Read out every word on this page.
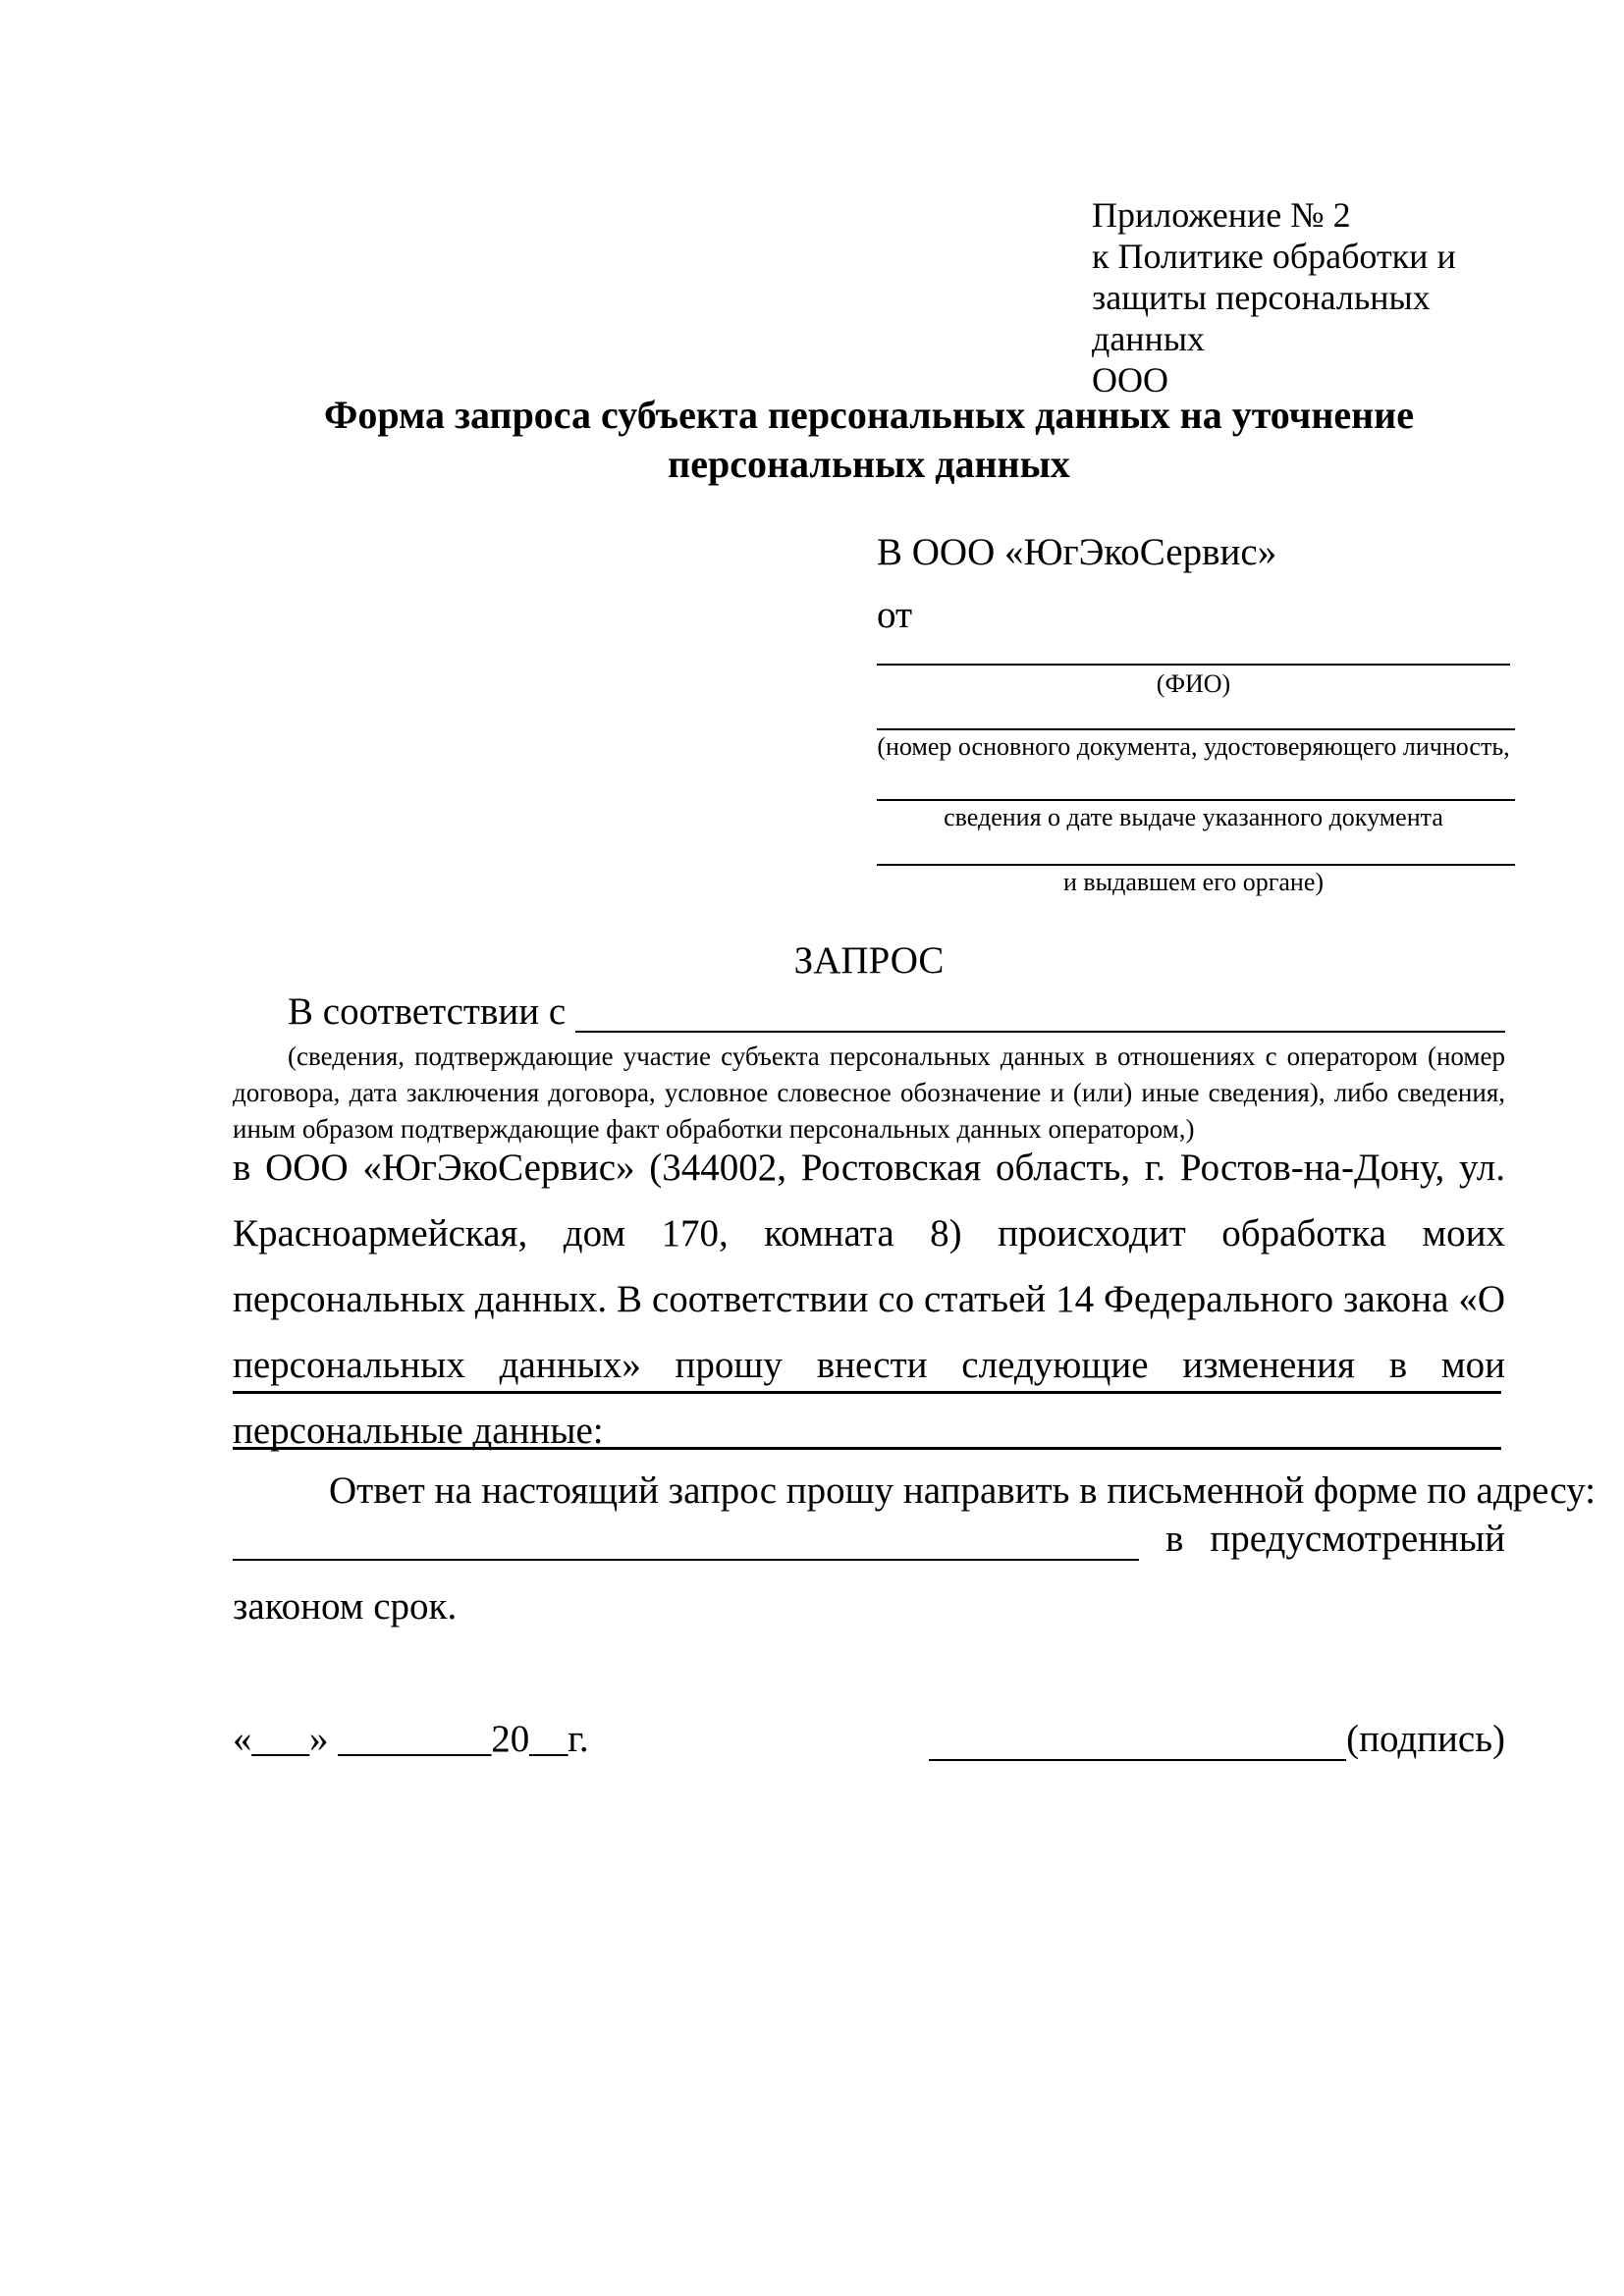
Приложение № 2
к Политике обработки и
защиты персональных данных
ООО
Форма запроса субъекта персональных данных на уточнение
персональных данных
В ООО «ЮгЭкоСервис»
от
(ФИО)
(номер основного документа, удостоверяющего личность,
сведения о дате выдаче указанного документа
и выдавшем его органе)
ЗАПРОС
В соответствии с
(сведения, подтверждающие участие субъекта персональных данных в отношениях с оператором (номер договора, дата заключения договора, условное словесное обозначение и (или) иные сведения), либо сведения, иным образом подтверждающие факт обработки персональных данных оператором,)
в ООО «ЮгЭкоСервис» (344002, Ростовская область, г. Ростов-на-Дону, ул. Красноармейская, дом 170, комната 8) происходит обработка моих персональных данных. В соответствии со статьей 14 Федерального закона «О персональных данных» прошу внести следующие изменения в мои персональные данные:
Ответ на настоящий запрос прошу направить в письменной форме по адресу:
в предусмотренный
законом срок.
«___» ________20__г.	(подпись)
